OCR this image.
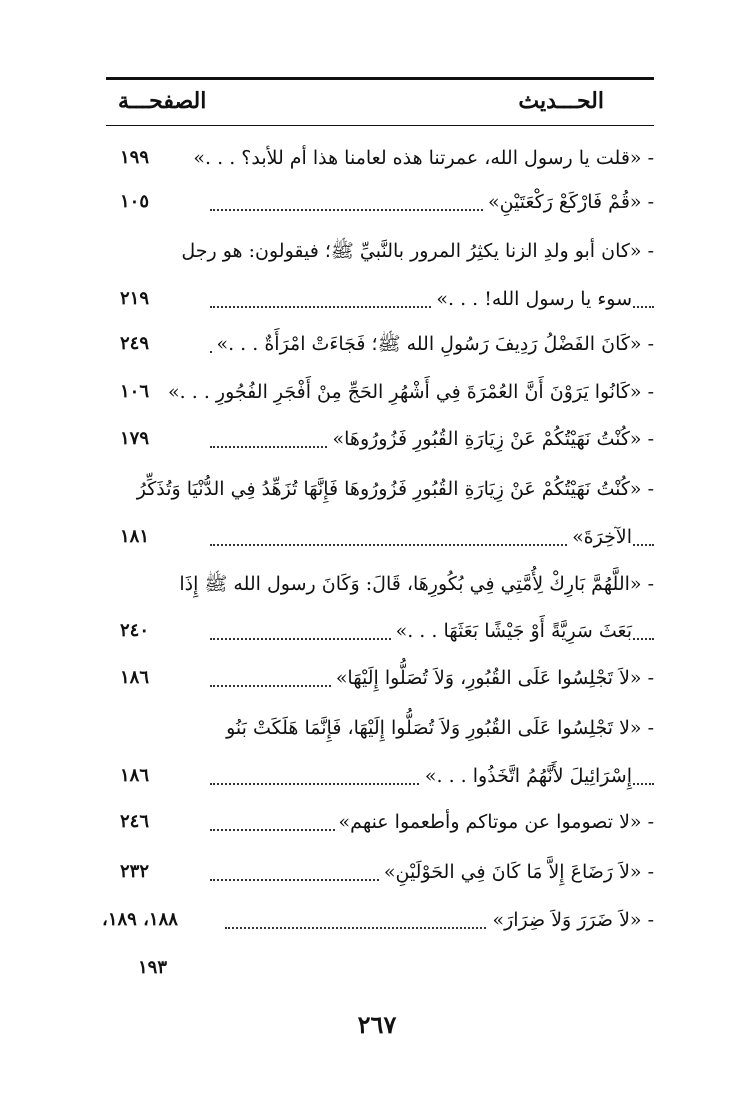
الحـــديث
الصفحـــة
- «قلت يا رسول الله، عمرتنا هذه لعامنا هذا أم للأبد؟ . . .»
١٩٩
- «قُمْ فَارْكَعْ رَكْعَتَيْنِ»
١٠٥
- «كان أبو ولدِ الزنا يكثِرُ المرور بالنَّبيِّ ﷺ؛ فيقولون: هو رجل
سوء يا رسول الله! . . .»
٢١٩
- «كَانَ الفَضْلُ رَدِيفَ رَسُولِ الله ﷺ؛ فَجَاءَتْ امْرَأَةٌ . . .»
٢٤٩
- «كَانُوا يَرَوْنَ أَنَّ العُمْرَةَ فِي أَشْهُرِ الحَجِّ مِنْ أَفْجَرِ الفُجُورِ . . .»
١٠٦
- «كُنْتُ نَهَيْتُكُمْ عَنْ زِيَارَةِ القُبُورِ فَزُورُوهَا»
١٧٩
- «كُنْتُ نَهَيْتُكُمْ عَنْ زِيَارَةِ القُبُورِ فَزُورُوهَا فَإِنَّهَا تُزَهِّدُ فِي الدُّنْيَا وَتُذَكِّرُ
الآخِرَةَ»
١٨١
- «اللَّهُمَّ بَارِكْ لِأُمَّتِي فِي بُكُورِهَا، قَالَ: وَكَانَ رسول الله ﷺ إِذَا
بَعَثَ سَرِيَّةً أَوْ جَيْشًا بَعَثَهَا . . .»
٢٤٠
- «لاَ تَجْلِسُوا عَلَى القُبُورِ، وَلاَ تُصَلُّوا إِلَيْهَا»
١٨٦
- «لا تَجْلِسُوا عَلَى القُبُورِ وَلاَ تُصَلُّوا إِلَيْهَا، فَإِنَّمَا هَلَكَتْ بَنُو
إِسْرَائِيلَ لأَنَّهُمُ اتَّخَذُوا . . .»
١٨٦
- «لا تصوموا عن موتاكم وأطعموا عنهم»
٢٤٦
- «لاَ رَضَاعَ إِلاَّ مَا كَانَ فِي الحَوْلَيْنِ»
٢٣٢
- «لاَ ضَرَرَ وَلاَ ضِرَارَ»
١٨٨، ١٨٩،
١٩٣
٢٦٧
